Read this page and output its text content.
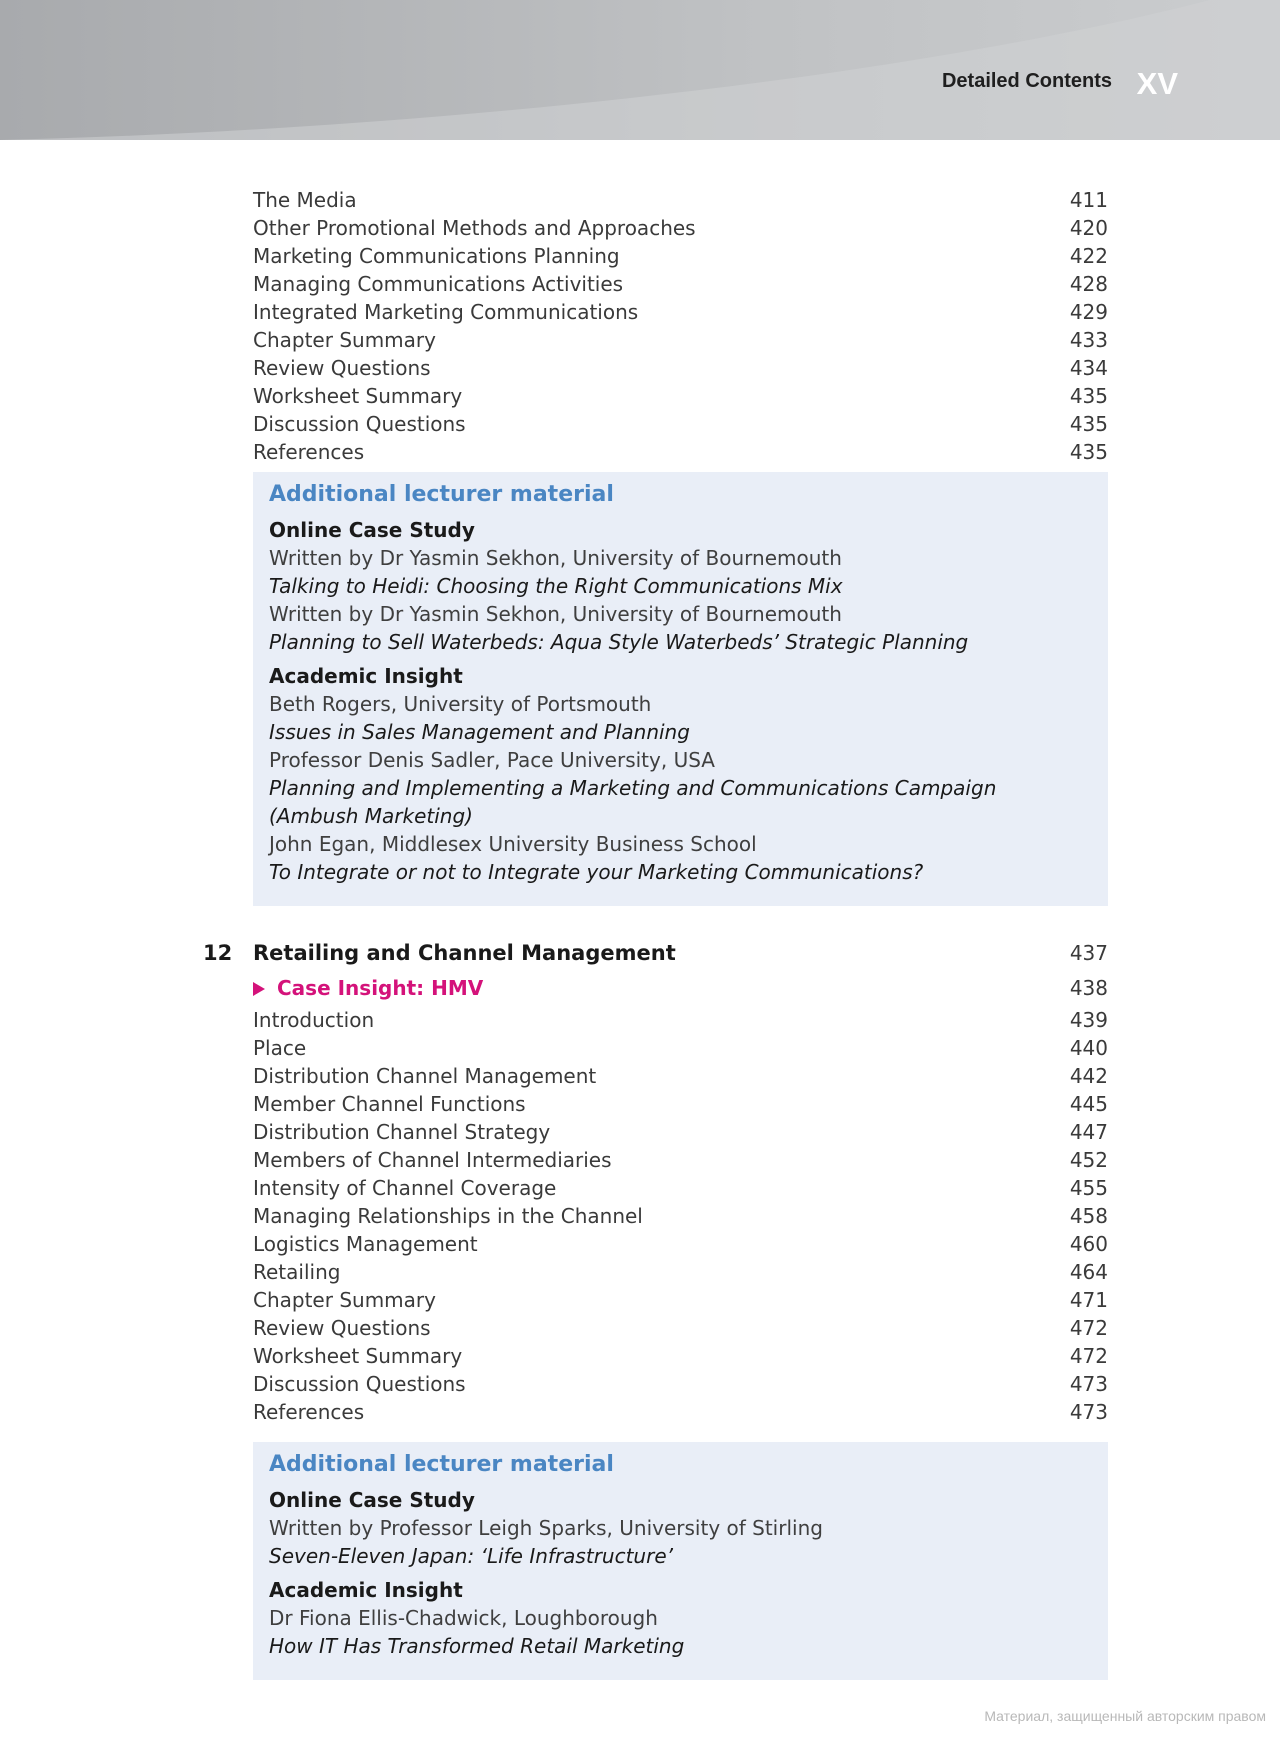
Detailed Contents XV
The Media	411
Other Promotional Methods and Approaches	420
Marketing Communications Planning	422
Managing Communications Activities	428
Integrated Marketing Communications	429
Chapter Summary	433
Review Questions	434
Worksheet Summary	435
Discussion Questions	435
References	435
Additional lecturer material
Online Case Study
Written by Dr Yasmin Sekhon, University of Bournemouth
Talking to Heidi: Choosing the Right Communications Mix
Written by Dr Yasmin Sekhon, University of Bournemouth
Planning to Sell Waterbeds: Aqua Style Waterbeds’ Strategic Planning
Academic Insight
Beth Rogers, University of Portsmouth
Issues in Sales Management and Planning
Professor Denis Sadler, Pace University, USA
Planning and Implementing a Marketing and Communications Campaign (Ambush Marketing)
John Egan, Middlesex University Business School
To Integrate or not to Integrate your Marketing Communications?
12 Retailing and Channel Management	437
Case Insight: HMV	438
Introduction	439
Place	440
Distribution Channel Management	442
Member Channel Functions	445
Distribution Channel Strategy	447
Members of Channel Intermediaries	452
Intensity of Channel Coverage	455
Managing Relationships in the Channel	458
Logistics Management	460
Retailing	464
Chapter Summary	471
Review Questions	472
Worksheet Summary	472
Discussion Questions	473
References	473
Additional lecturer material
Online Case Study
Written by Professor Leigh Sparks, University of Stirling
Seven-Eleven Japan: ‘Life Infrastructure’
Academic Insight
Dr Fiona Ellis-Chadwick, Loughborough
How IT Has Transformed Retail Marketing
Материал, защищенный авторским правом
